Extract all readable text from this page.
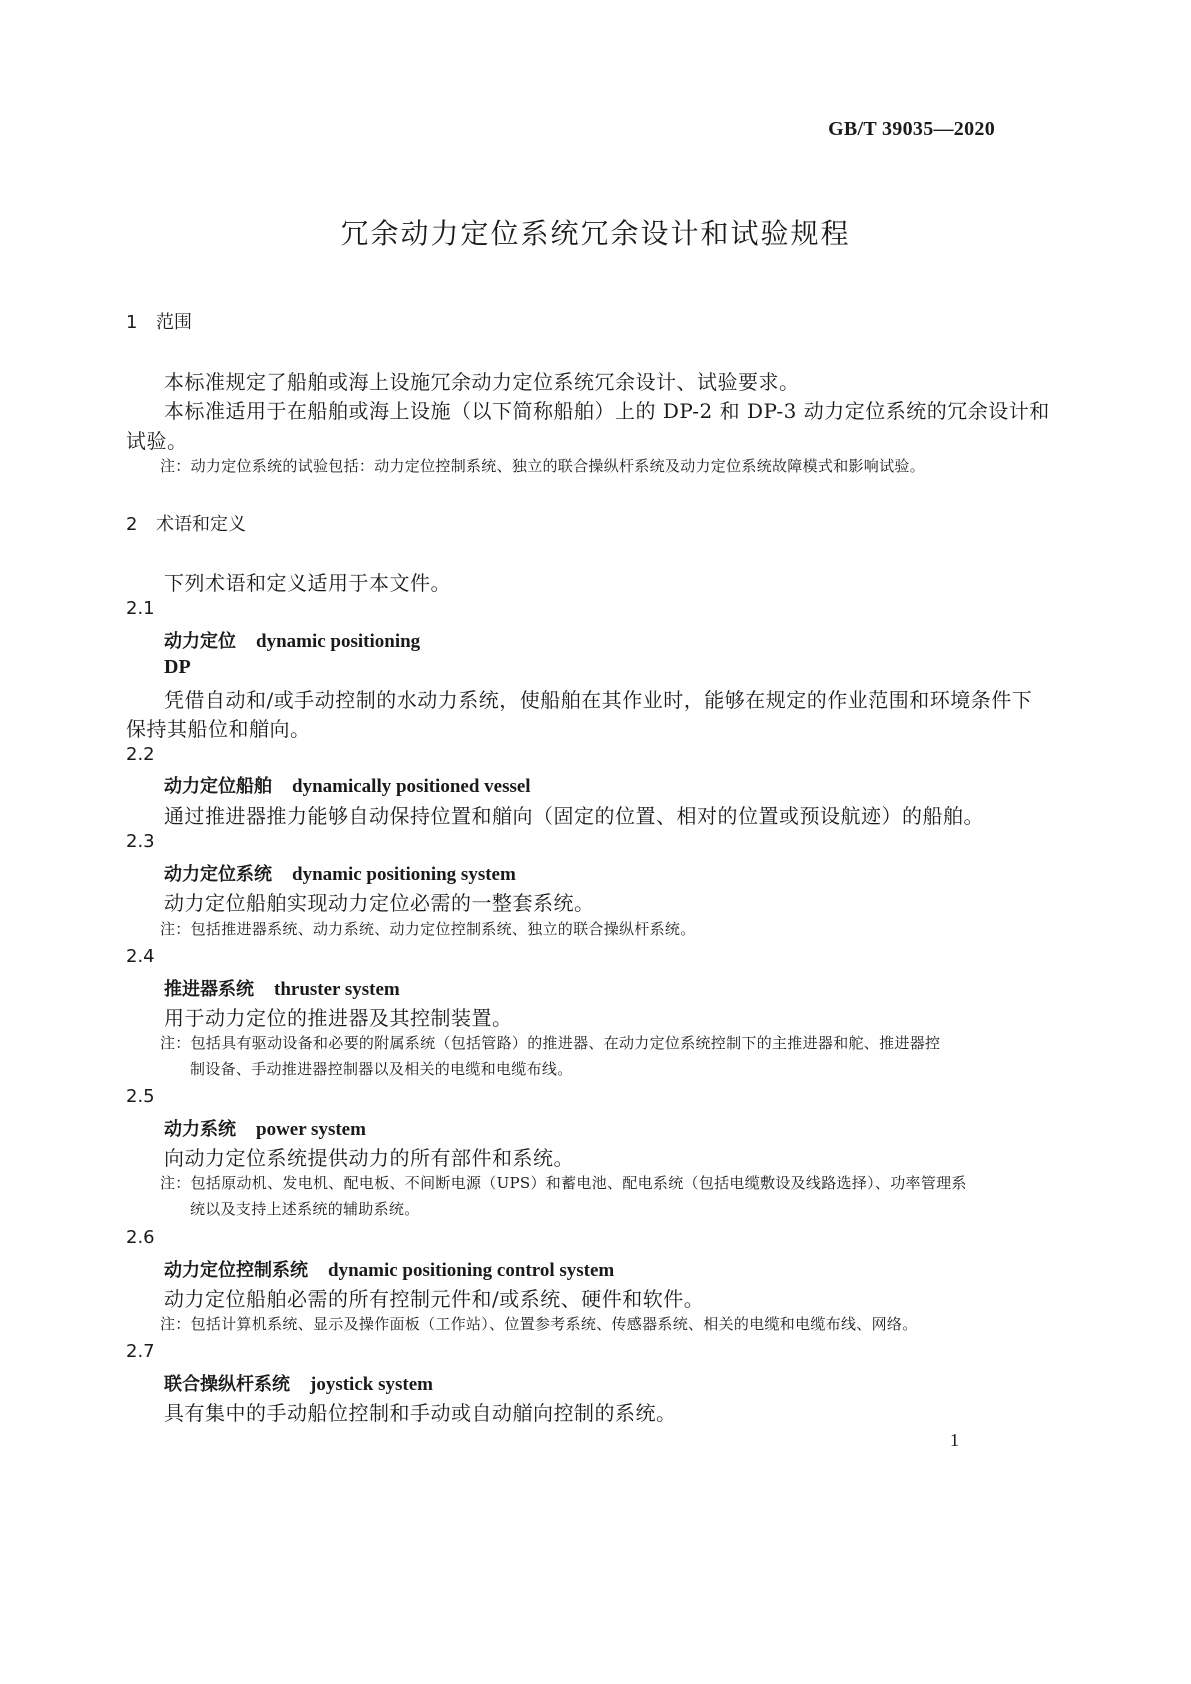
GB/T 39035—2020
冗余动力定位系统冗余设计和试验规程
1 范围
本标准规定了船舶或海上设施冗余动力定位系统冗余设计、试验要求。
本标准适用于在船舶或海上设施（以下简称船舶）上的 DP-2 和 DP-3 动力定位系统的冗余设计和
试验。
注：动力定位系统的试验包括：动力定位控制系统、独立的联合操纵杆系统及动力定位系统故障模式和影响试验。
2 术语和定义
下列术语和定义适用于本文件。
2.1
动力定位 dynamic positioning
DP
凭借自动和/或手动控制的水动力系统，使船舶在其作业时，能够在规定的作业范围和环境条件下
保持其船位和艏向。
2.2
动力定位船舶 dynamically positioned vessel
通过推进器推力能够自动保持位置和艏向（固定的位置、相对的位置或预设航迹）的船舶。
2.3
动力定位系统 dynamic positioning system
动力定位船舶实现动力定位必需的一整套系统。
注：包括推进器系统、动力系统、动力定位控制系统、独立的联合操纵杆系统。
2.4
推进器系统 thruster system
用于动力定位的推进器及其控制装置。
注：包括具有驱动设备和必要的附属系统（包括管路）的推进器、在动力定位系统控制下的主推进器和舵、推进器控
制设备、手动推进器控制器以及相关的电缆和电缆布线。
2.5
动力系统 power system
向动力定位系统提供动力的所有部件和系统。
注：包括原动机、发电机、配电板、不间断电源（UPS）和蓄电池、配电系统（包括电缆敷设及线路选择）、功率管理系
统以及支持上述系统的辅助系统。
2.6
动力定位控制系统 dynamic positioning control system
动力定位船舶必需的所有控制元件和/或系统、硬件和软件。
注：包括计算机系统、显示及操作面板（工作站）、位置参考系统、传感器系统、相关的电缆和电缆布线、网络。
2.7
联合操纵杆系统 joystick system
具有集中的手动船位控制和手动或自动艏向控制的系统。
1
